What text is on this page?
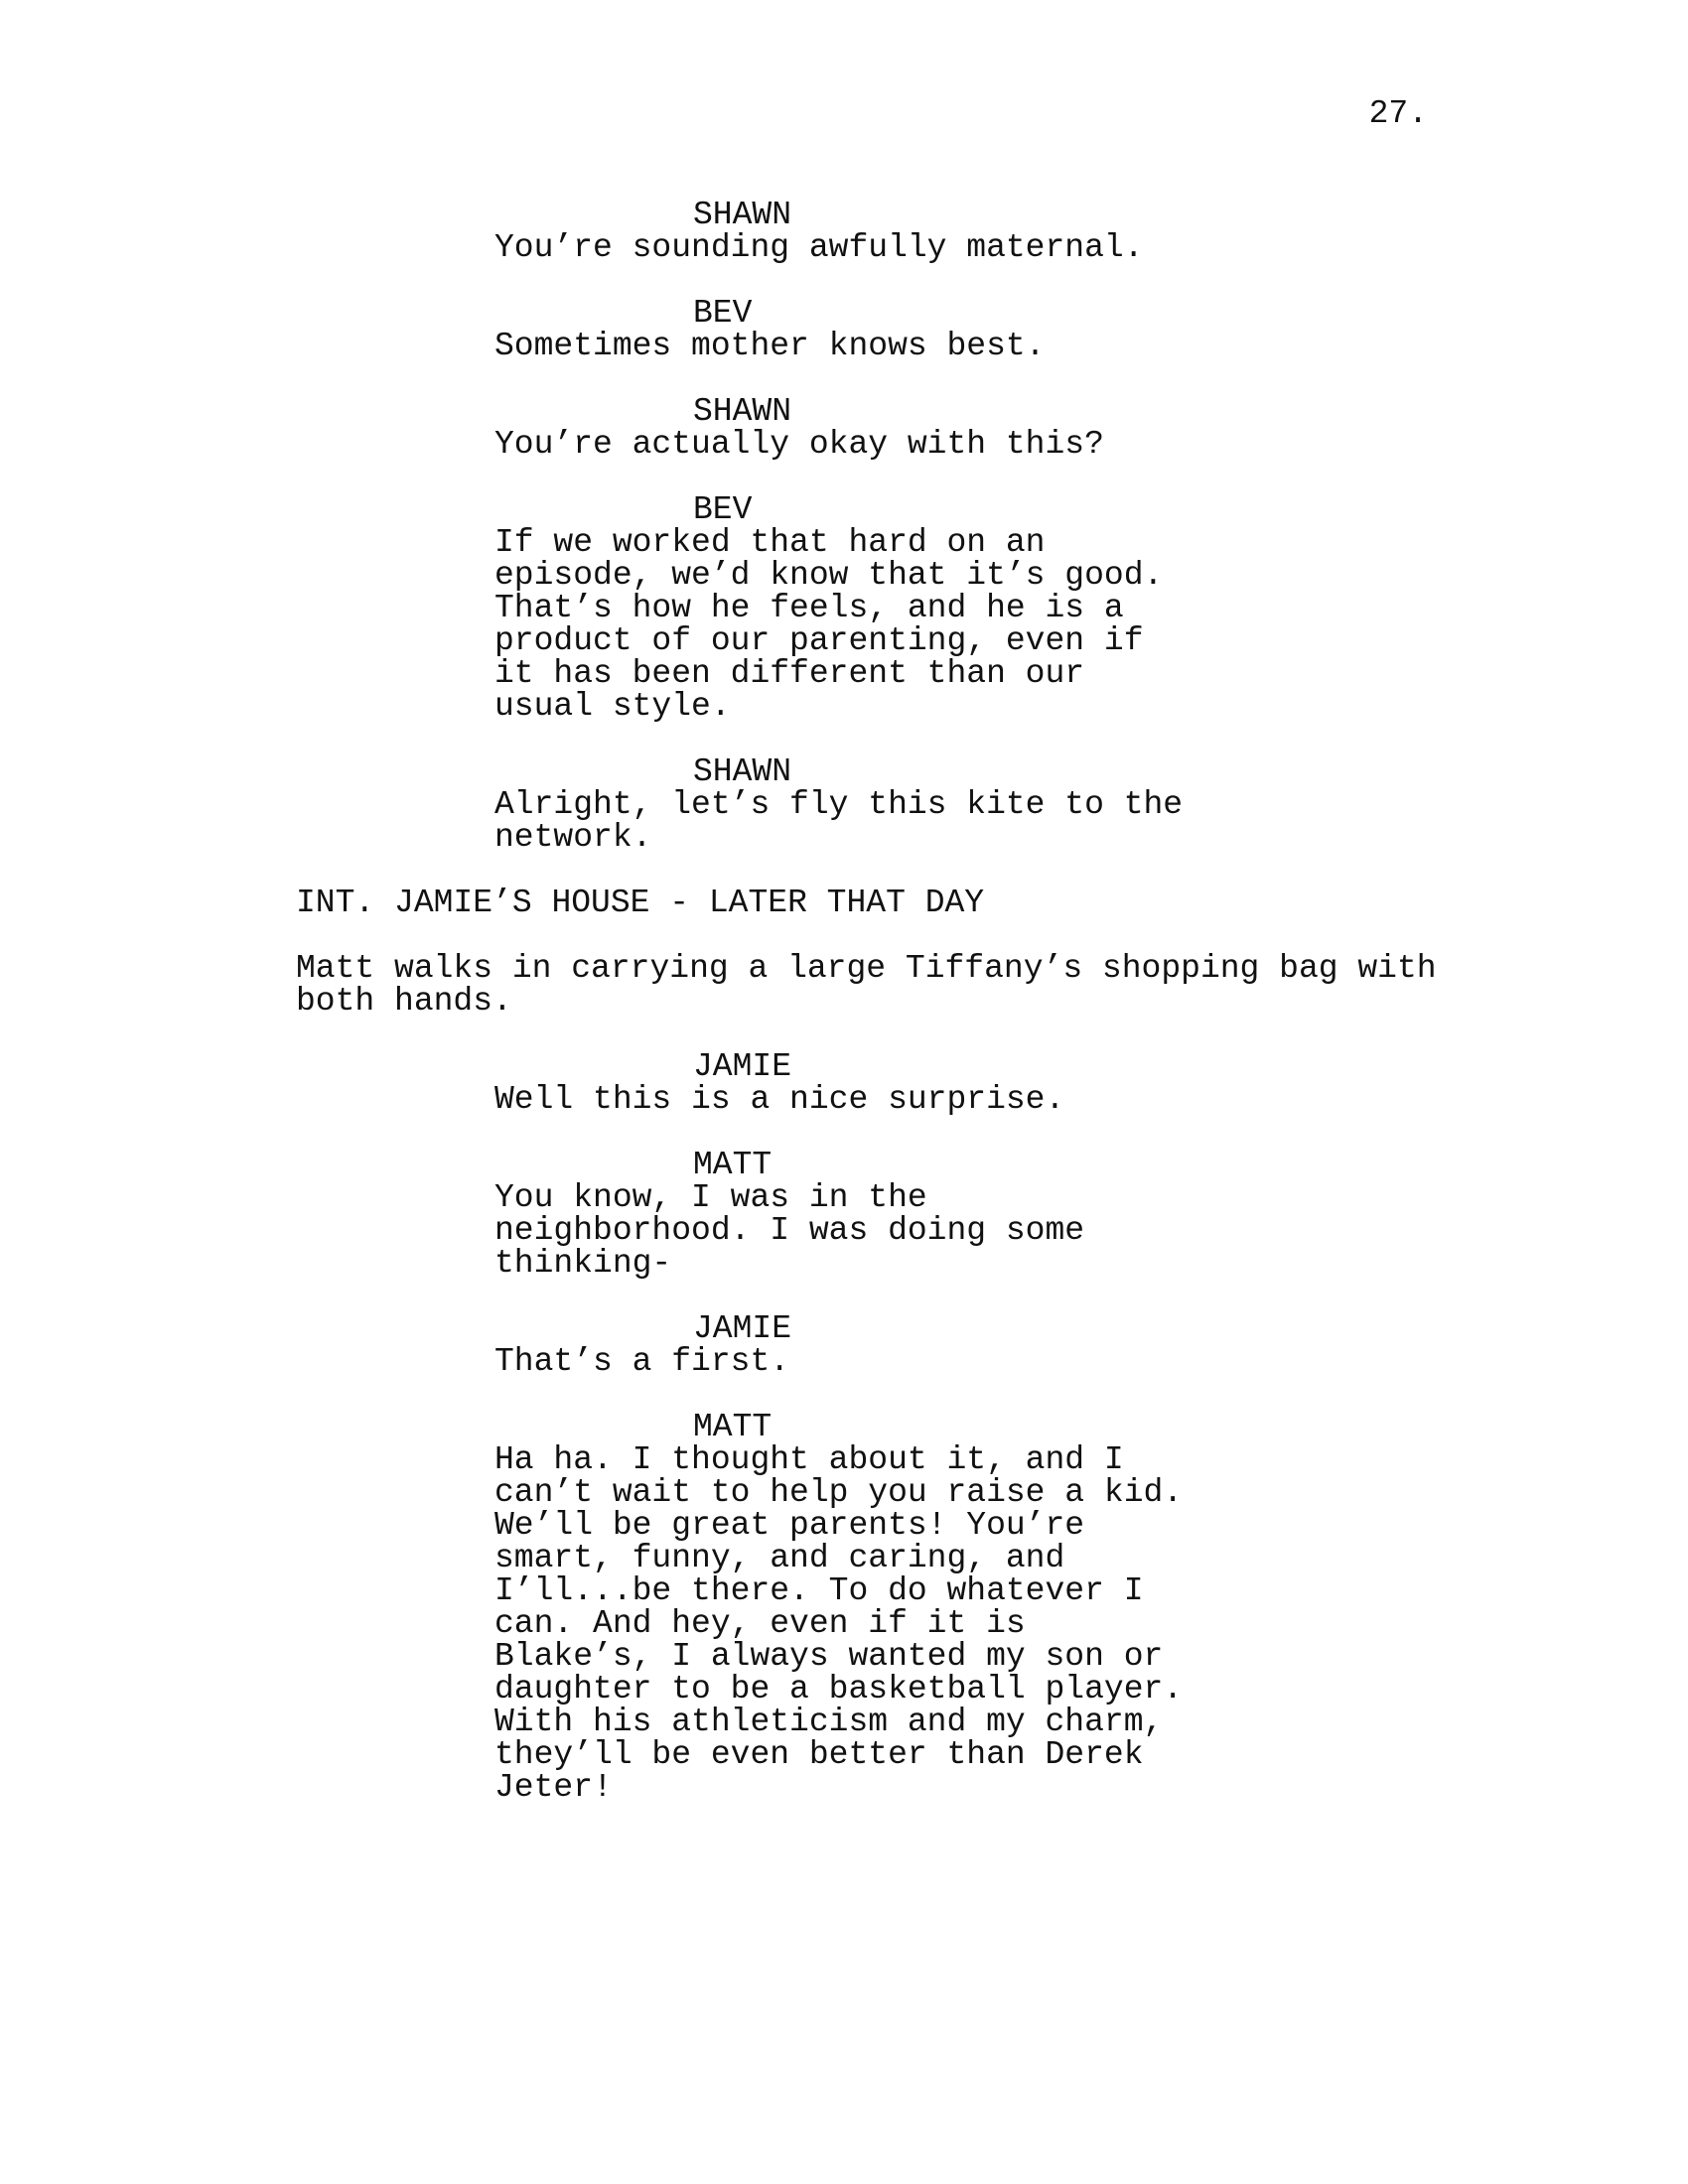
27.
SHAWN
You’re sounding awfully maternal.
BEV
Sometimes mother knows best.
SHAWN
You’re actually okay with this?
BEV
If we worked that hard on an
episode, we’d know that it’s good.
That’s how he feels, and he is a
product of our parenting, even if
it has been different than our
usual style.
SHAWN
Alright, let’s fly this kite to the
network.
INT. JAMIE’S HOUSE - LATER THAT DAY
Matt walks in carrying a large Tiffany’s shopping bag with
both hands.
JAMIE
Well this is a nice surprise.
MATT
You know, I was in the
neighborhood. I was doing some
thinking-
JAMIE
That’s a first.
MATT
Ha ha. I thought about it, and I
can’t wait to help you raise a kid.
We’ll be great parents! You’re
smart, funny, and caring, and
I’ll...be there. To do whatever I
can. And hey, even if it is
Blake’s, I always wanted my son or
daughter to be a basketball player.
With his athleticism and my charm,
they’ll be even better than Derek
Jeter!
